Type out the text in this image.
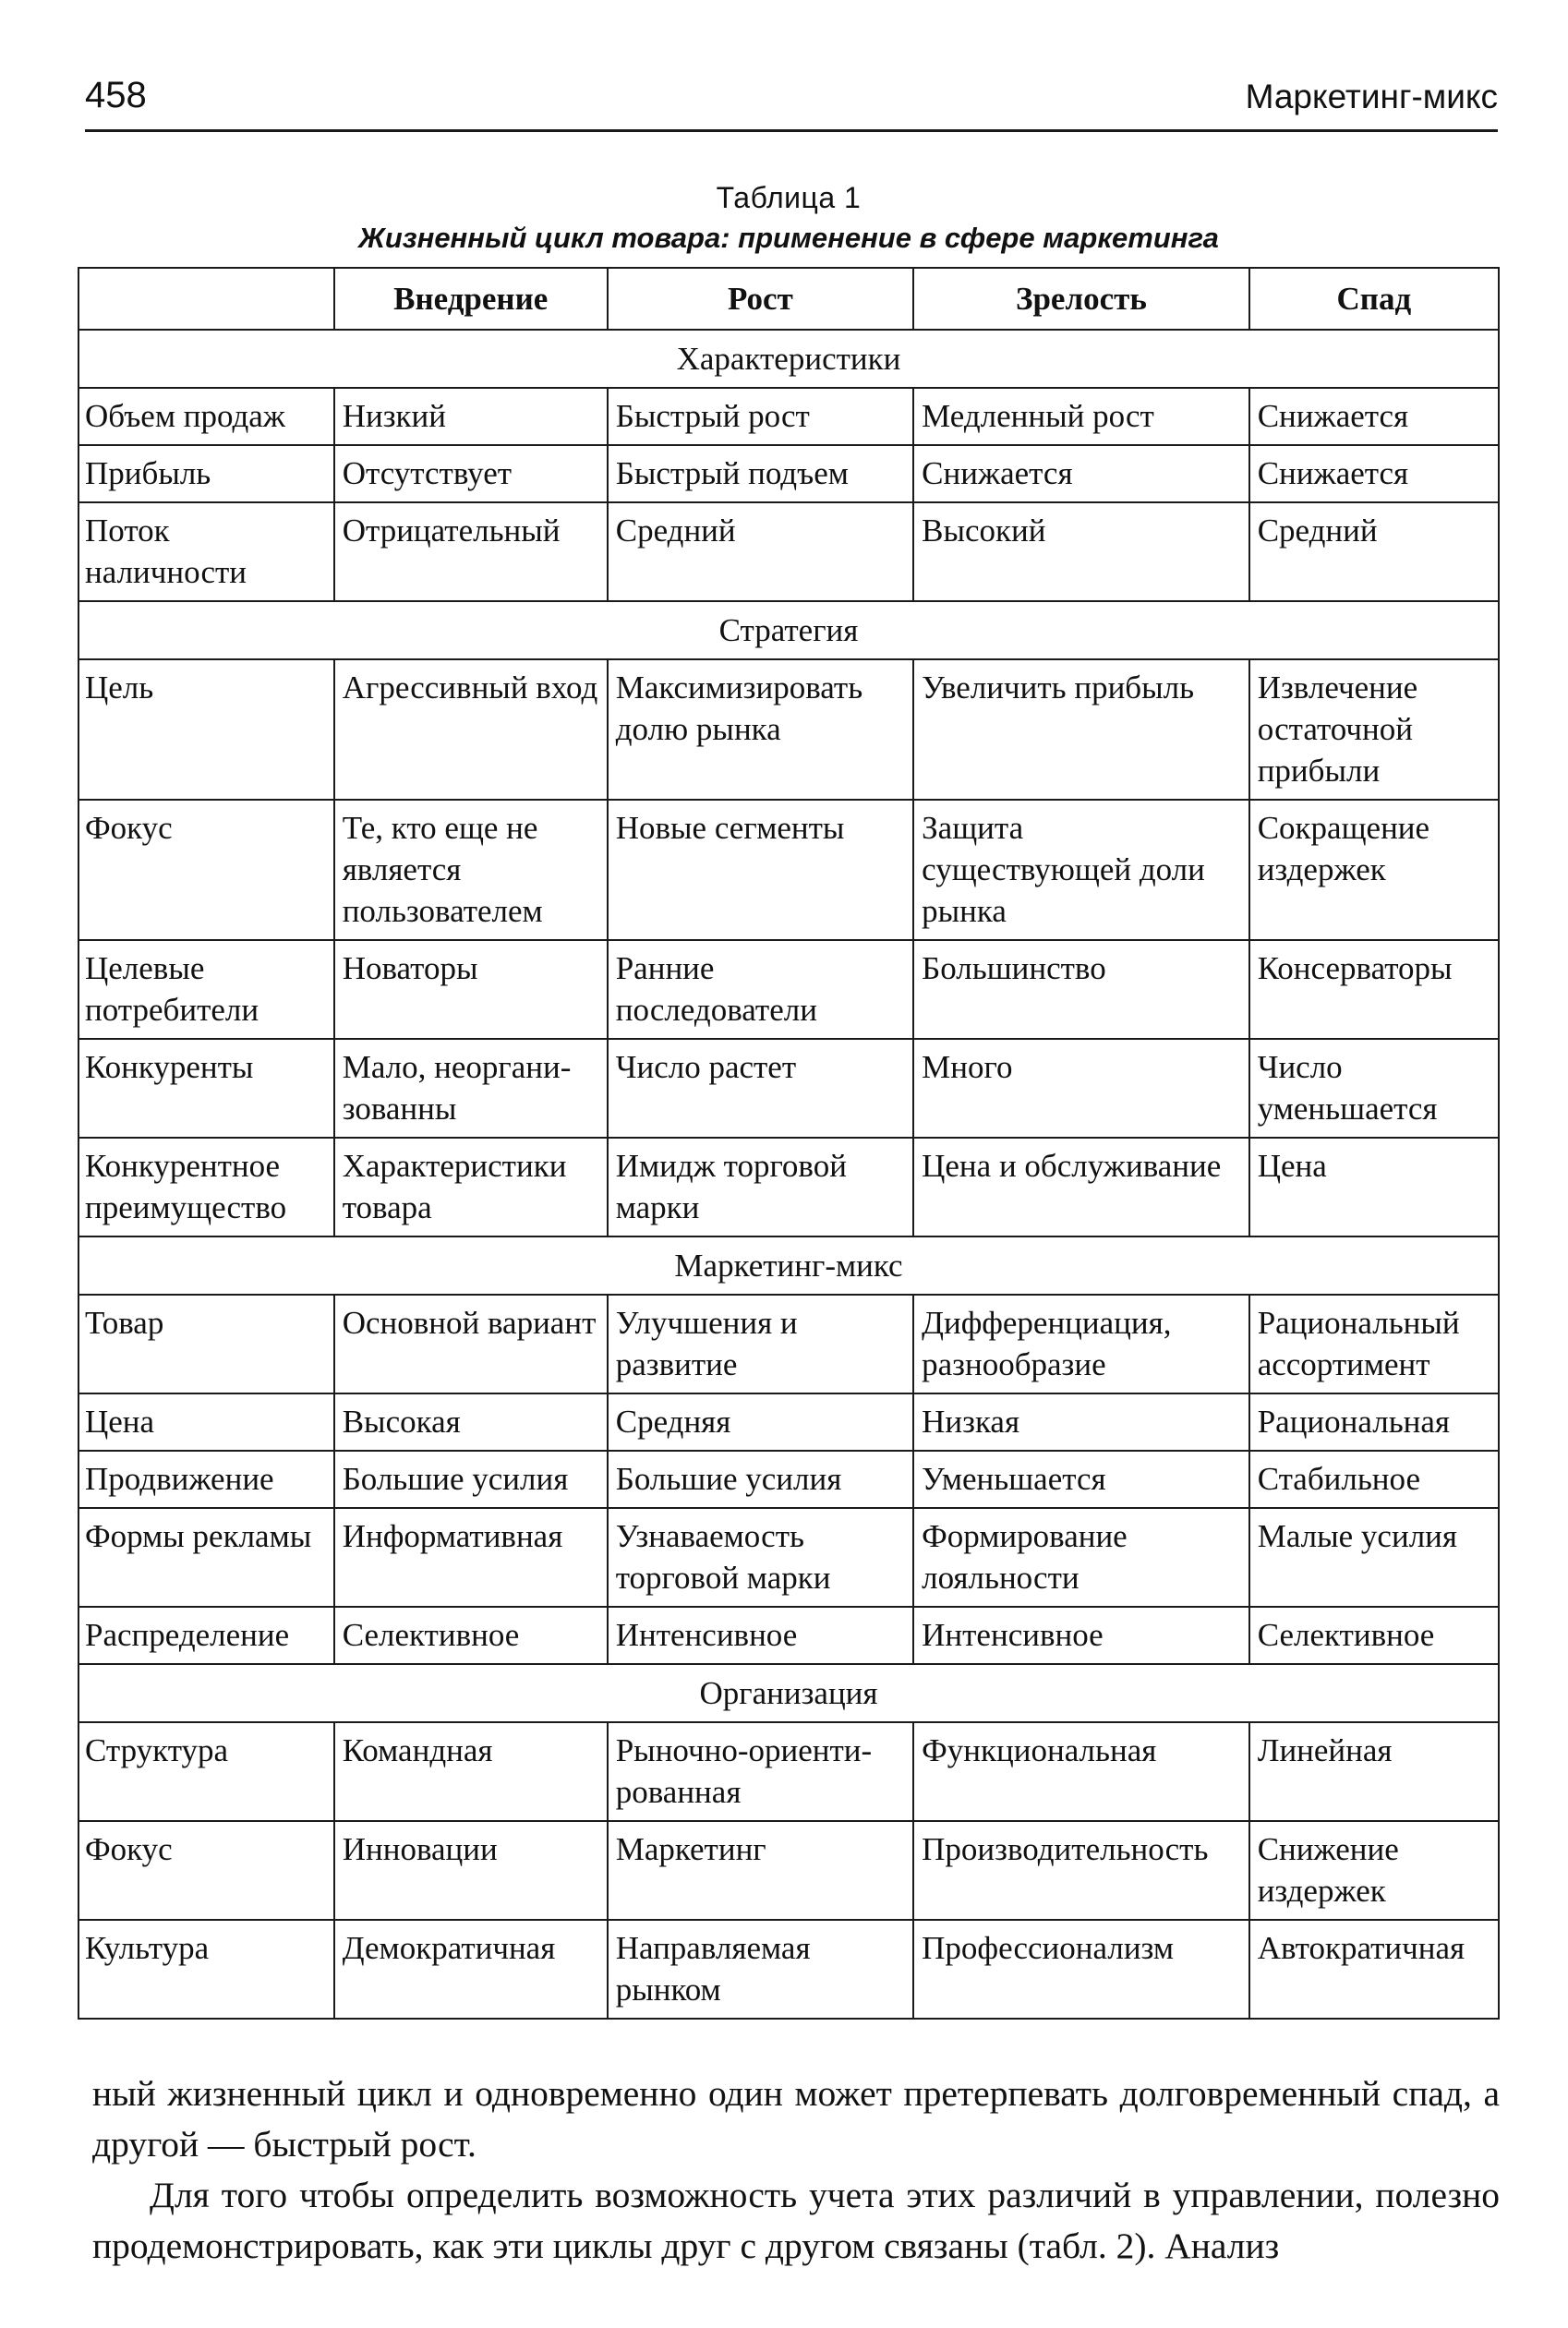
458	Маркетинг-микс
Таблица 1
Жизненный цикл товара: применение в сфере маркетинга
	Внедрение	Рост	Зрелость	Спад
Характеристики				
Объем продаж	Низкий	Быстрый рост	Медленный рост	Снижается
Прибыль	Отсутствует	Быстрый подъем	Снижается	Снижается
Поток наличности	Отрицательный	Средний	Высокий	Средний
Стратегия				
Цель	Агрессивный вход	Максимизировать долю рынка	Увеличить прибыль	Извлечение остаточной прибыли
Фокус	Те, кто еще не является пользователем	Новые сегменты	Защита существующей доли рынка	Сокращение издержек
Целевые потребители	Новаторы	Ранние последователи	Большинство	Консерваторы
Конкуренты	Мало, неорганизованны	Число растет	Много	Число уменьшается
Конкурентное преимущество	Характеристики товара	Имидж торговой марки	Цена и обслуживание	Цена
Маркетинг-микс				
Товар	Основной вариант	Улучшения и развитие	Дифференциация, разнообразие	Рациональный ассортимент
Цена	Высокая	Средняя	Низкая	Рациональная
Продвижение	Большие усилия	Большие усилия	Уменьшается	Стабильное
Формы рекламы	Информативная	Узнаваемость торговой марки	Формирование лояльности	Малые усилия
Распределение	Селективное	Интенсивное	Интенсивное	Селективное
Организация				
Структура	Командная	Рыночно-ориентированная	Функциональная	Линейная
Фокус	Инновации	Маркетинг	Производительность	Снижение издержек
Культура	Демократичная	Направляемая рынком	Профессионализм	Автократичная

ный жизненный цикл и одновременно один может претерпевать долговременный спад, а другой — быстрый рост.

Для того чтобы определить возможность учета этих различий в управлении, полезно продемонстрировать, как эти циклы друг с другом связаны (табл. 2). Анализ
